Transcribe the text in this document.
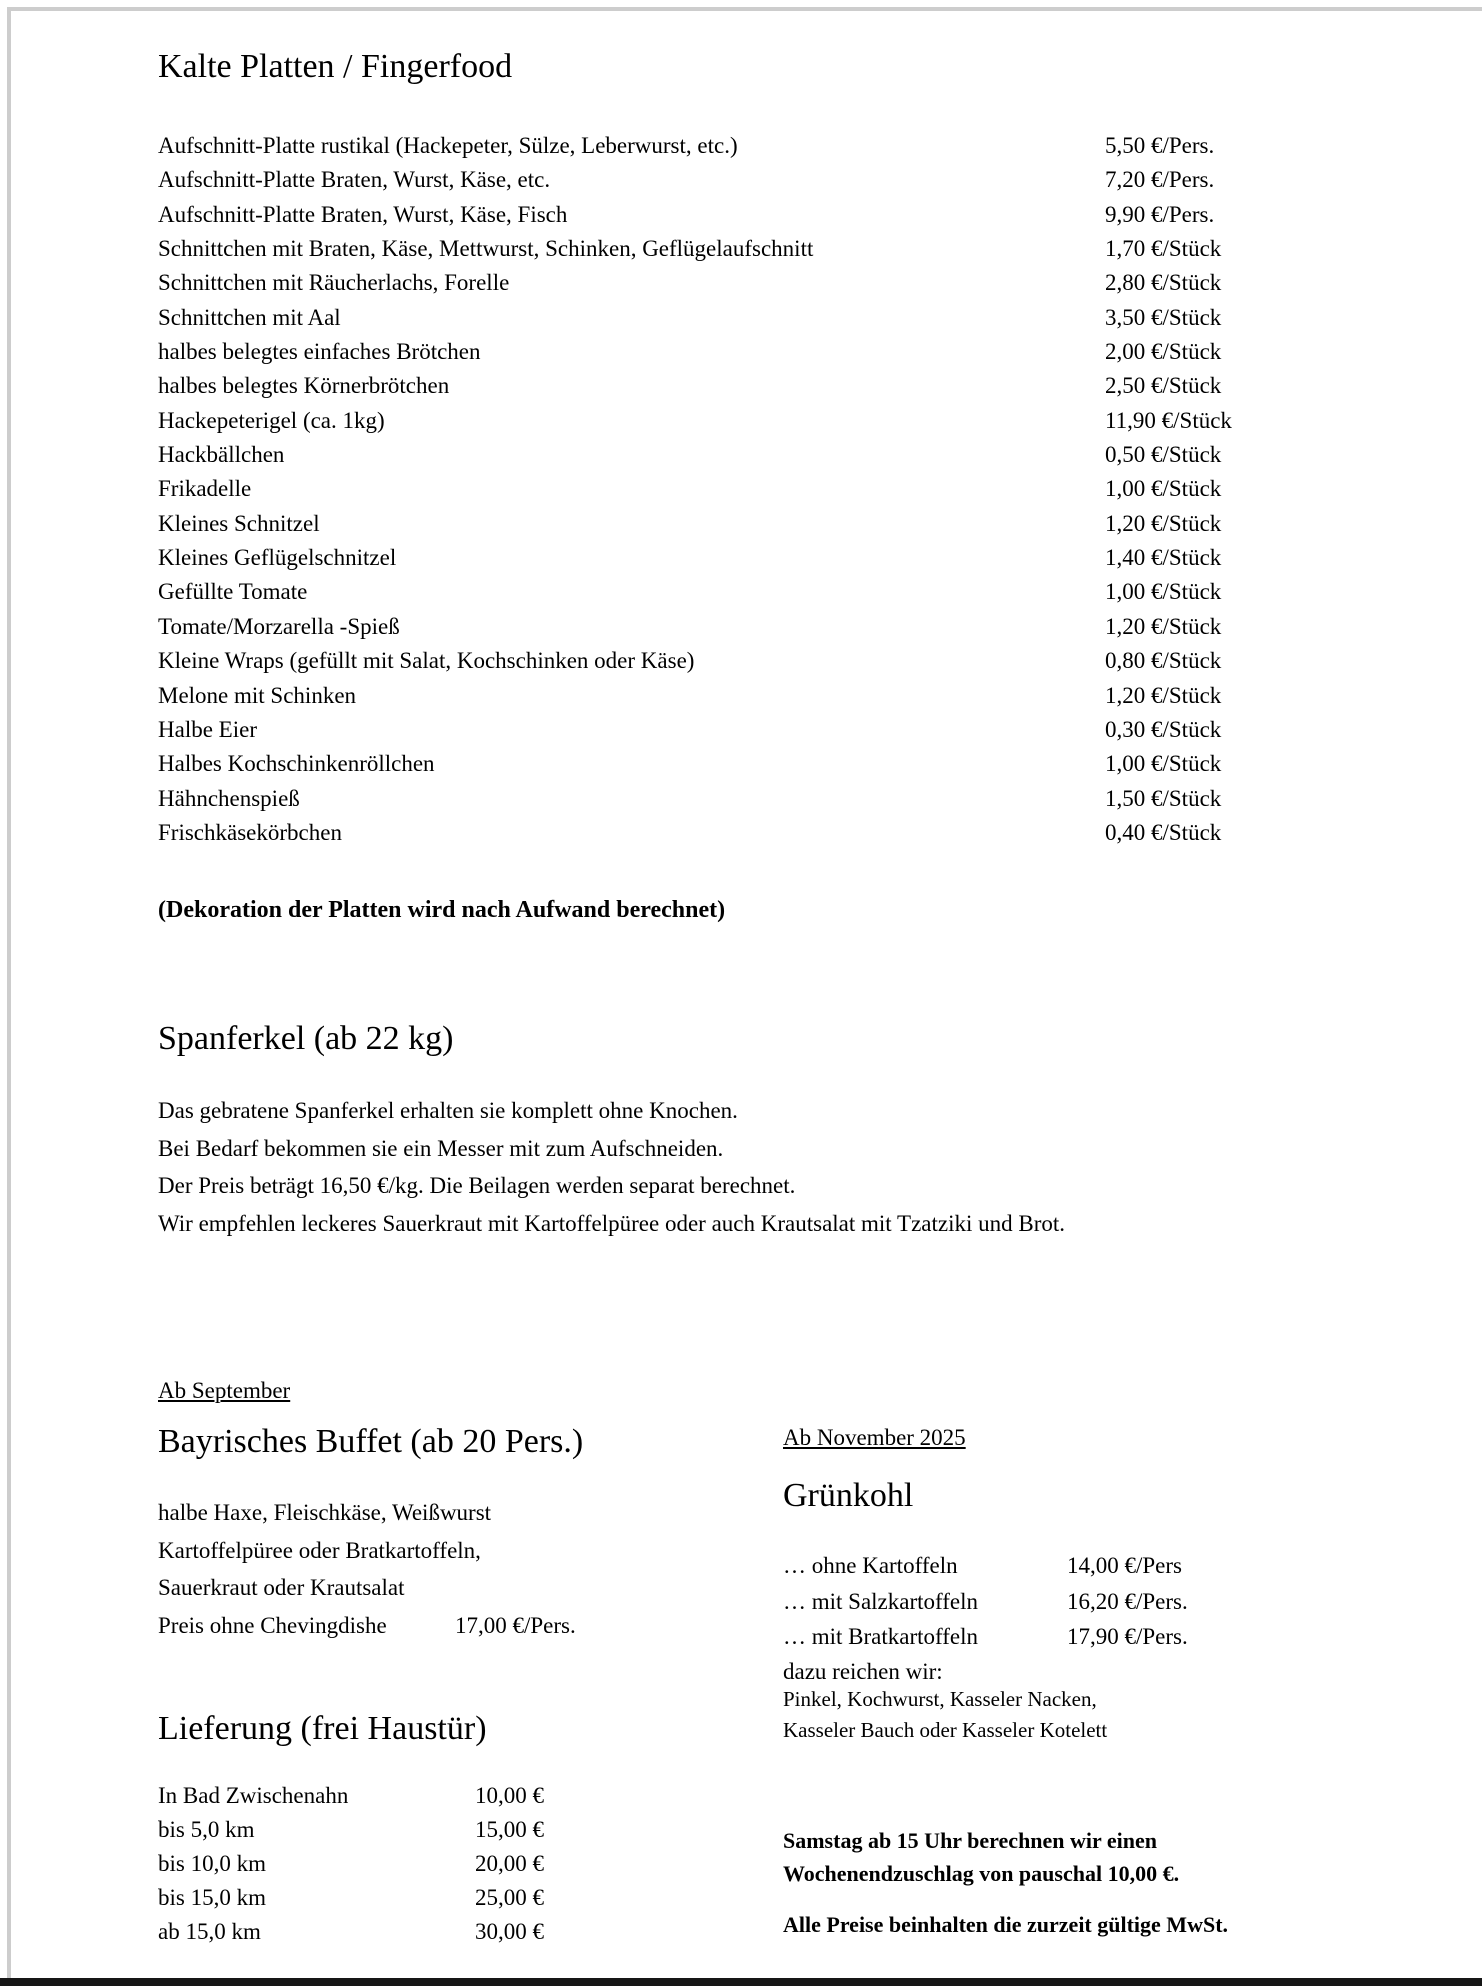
Kalte Platten / Fingerfood
Aufschnitt-Platte rustikal (Hackepeter, Sülze, Leberwurst, etc.)	5,50 €/Pers.
Aufschnitt-Platte Braten, Wurst, Käse, etc.	7,20 €/Pers.
Aufschnitt-Platte Braten, Wurst, Käse, Fisch	9,90 €/Pers.
Schnittchen mit Braten, Käse, Mettwurst, Schinken, Geflügelaufschnitt	1,70 €/Stück
Schnittchen mit Räucherlachs, Forelle	2,80 €/Stück
Schnittchen mit Aal	3,50 €/Stück
halbes belegtes einfaches Brötchen	2,00 €/Stück
halbes belegtes Körnerbrötchen	2,50 €/Stück
Hackepeterigel (ca. 1kg)	11,90 €/Stück
Hackbällchen	0,50 €/Stück
Frikadelle	1,00 €/Stück
Kleines Schnitzel	1,20 €/Stück
Kleines Geflügelschnitzel	1,40 €/Stück
Gefüllte Tomate	1,00 €/Stück
Tomate/Morzarella -Spieß	1,20 €/Stück
Kleine Wraps (gefüllt mit Salat, Kochschinken oder Käse)	0,80 €/Stück
Melone mit Schinken	1,20 €/Stück
Halbe Eier	0,30 €/Stück
Halbes Kochschinkenröllchen	1,00 €/Stück
Hähnchenspieß	1,50 €/Stück
Frischkäsekörbchen	0,40 €/Stück
(Dekoration der Platten wird nach Aufwand berechnet)
Spanferkel (ab 22 kg)
Das gebratene Spanferkel erhalten sie komplett ohne Knochen.
Bei Bedarf bekommen sie ein Messer mit zum Aufschneiden.
Der Preis beträgt 16,50 €/kg. Die Beilagen werden separat berechnet.
Wir empfehlen leckeres Sauerkraut mit Kartoffelpüree oder auch Krautsalat mit Tzatziki und Brot.
Ab September
Bayrisches Buffet (ab 20 Pers.)
halbe Haxe, Fleischkäse, Weißwurst
Kartoffelpüree oder Bratkartoffeln,
Sauerkraut oder Krautsalat
Preis ohne Chevingdishe	17,00 €/Pers.
Lieferung (frei Haustür)
In Bad Zwischenahn	10,00 €
bis 5,0 km	15,00 €
bis 10,0 km	20,00 €
bis 15,0 km	25,00 €
ab 15,0 km	30,00 €
Ab November 2025
Grünkohl
… ohne Kartoffeln	14,00 €/Pers
… mit Salzkartoffeln	16,20 €/Pers.
… mit Bratkartoffeln	17,90 €/Pers.
dazu reichen wir:
Pinkel, Kochwurst, Kasseler Nacken,
Kasseler Bauch oder Kasseler Kotelett
Samstag ab 15 Uhr berechnen wir einen Wochenendzuschlag von pauschal 10,00 €.
Alle Preise beinhalten die zurzeit gültige MwSt.
